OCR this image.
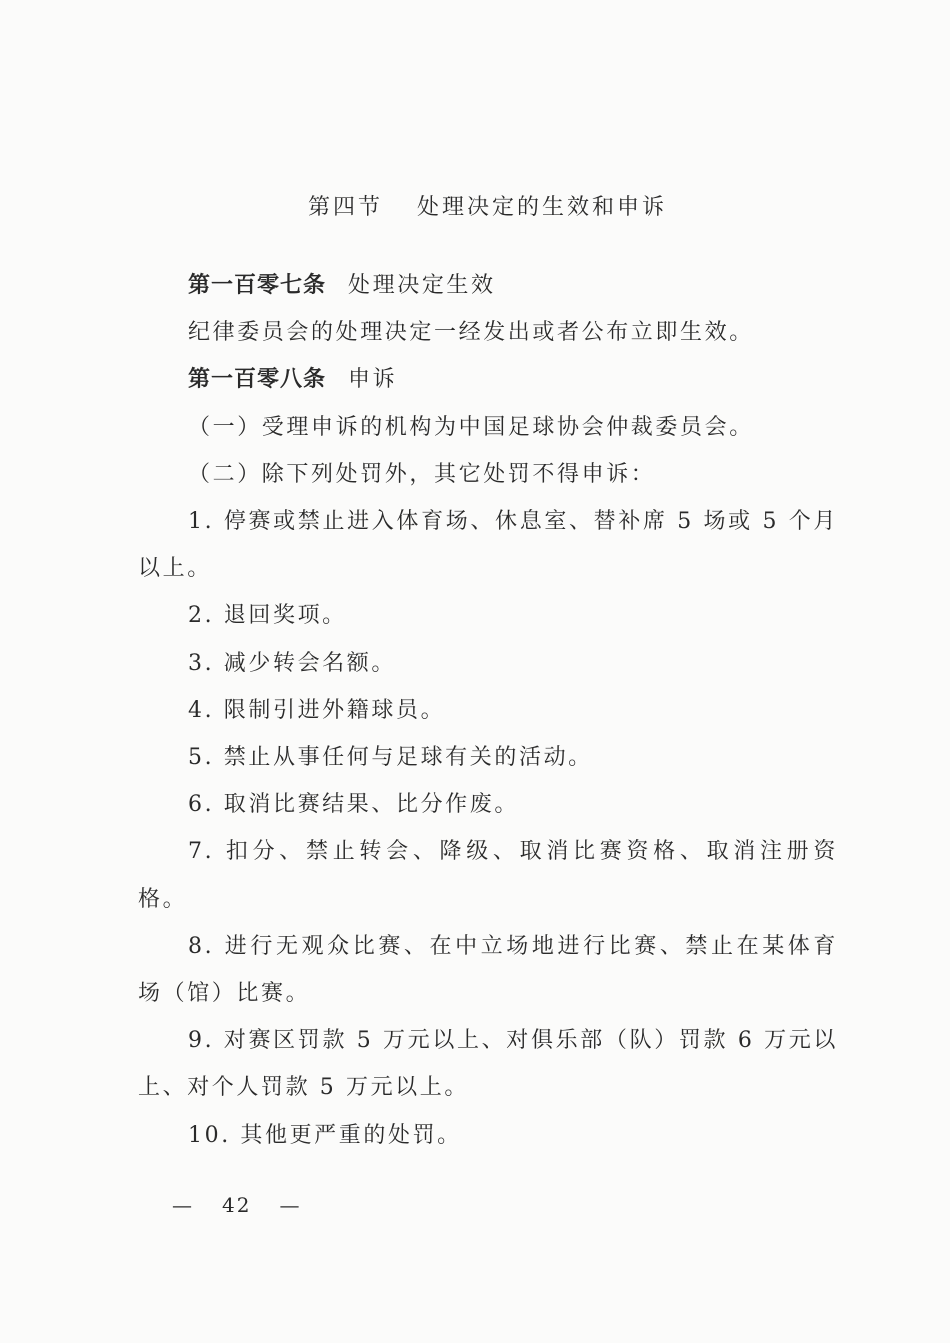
第四节 处理决定的生效和申诉

第一百零七条 处理决定生效

纪律委员会的处理决定一经发出或者公布立即生效。

第一百零八条 申诉

（一）受理申诉的机构为中国足球协会仲裁委员会。

（二）除下列处罚外，其它处罚不得申诉：

1. 停赛或禁止进入体育场、休息室、替补席 5 场或 5 个月以上。

2. 退回奖项。

3. 减少转会名额。

4. 限制引进外籍球员。

5. 禁止从事任何与足球有关的活动。

6. 取消比赛结果、比分作废。

7. 扣分、禁止转会、降级、取消比赛资格、取消注册资格。

8. 进行无观众比赛、在中立场地进行比赛、禁止在某体育场（馆）比赛。

9. 对赛区罚款 5 万元以上、对俱乐部（队）罚款 6 万元以上、对个人罚款 5 万元以上。

10. 其他更严重的处罚。

— 42 —
